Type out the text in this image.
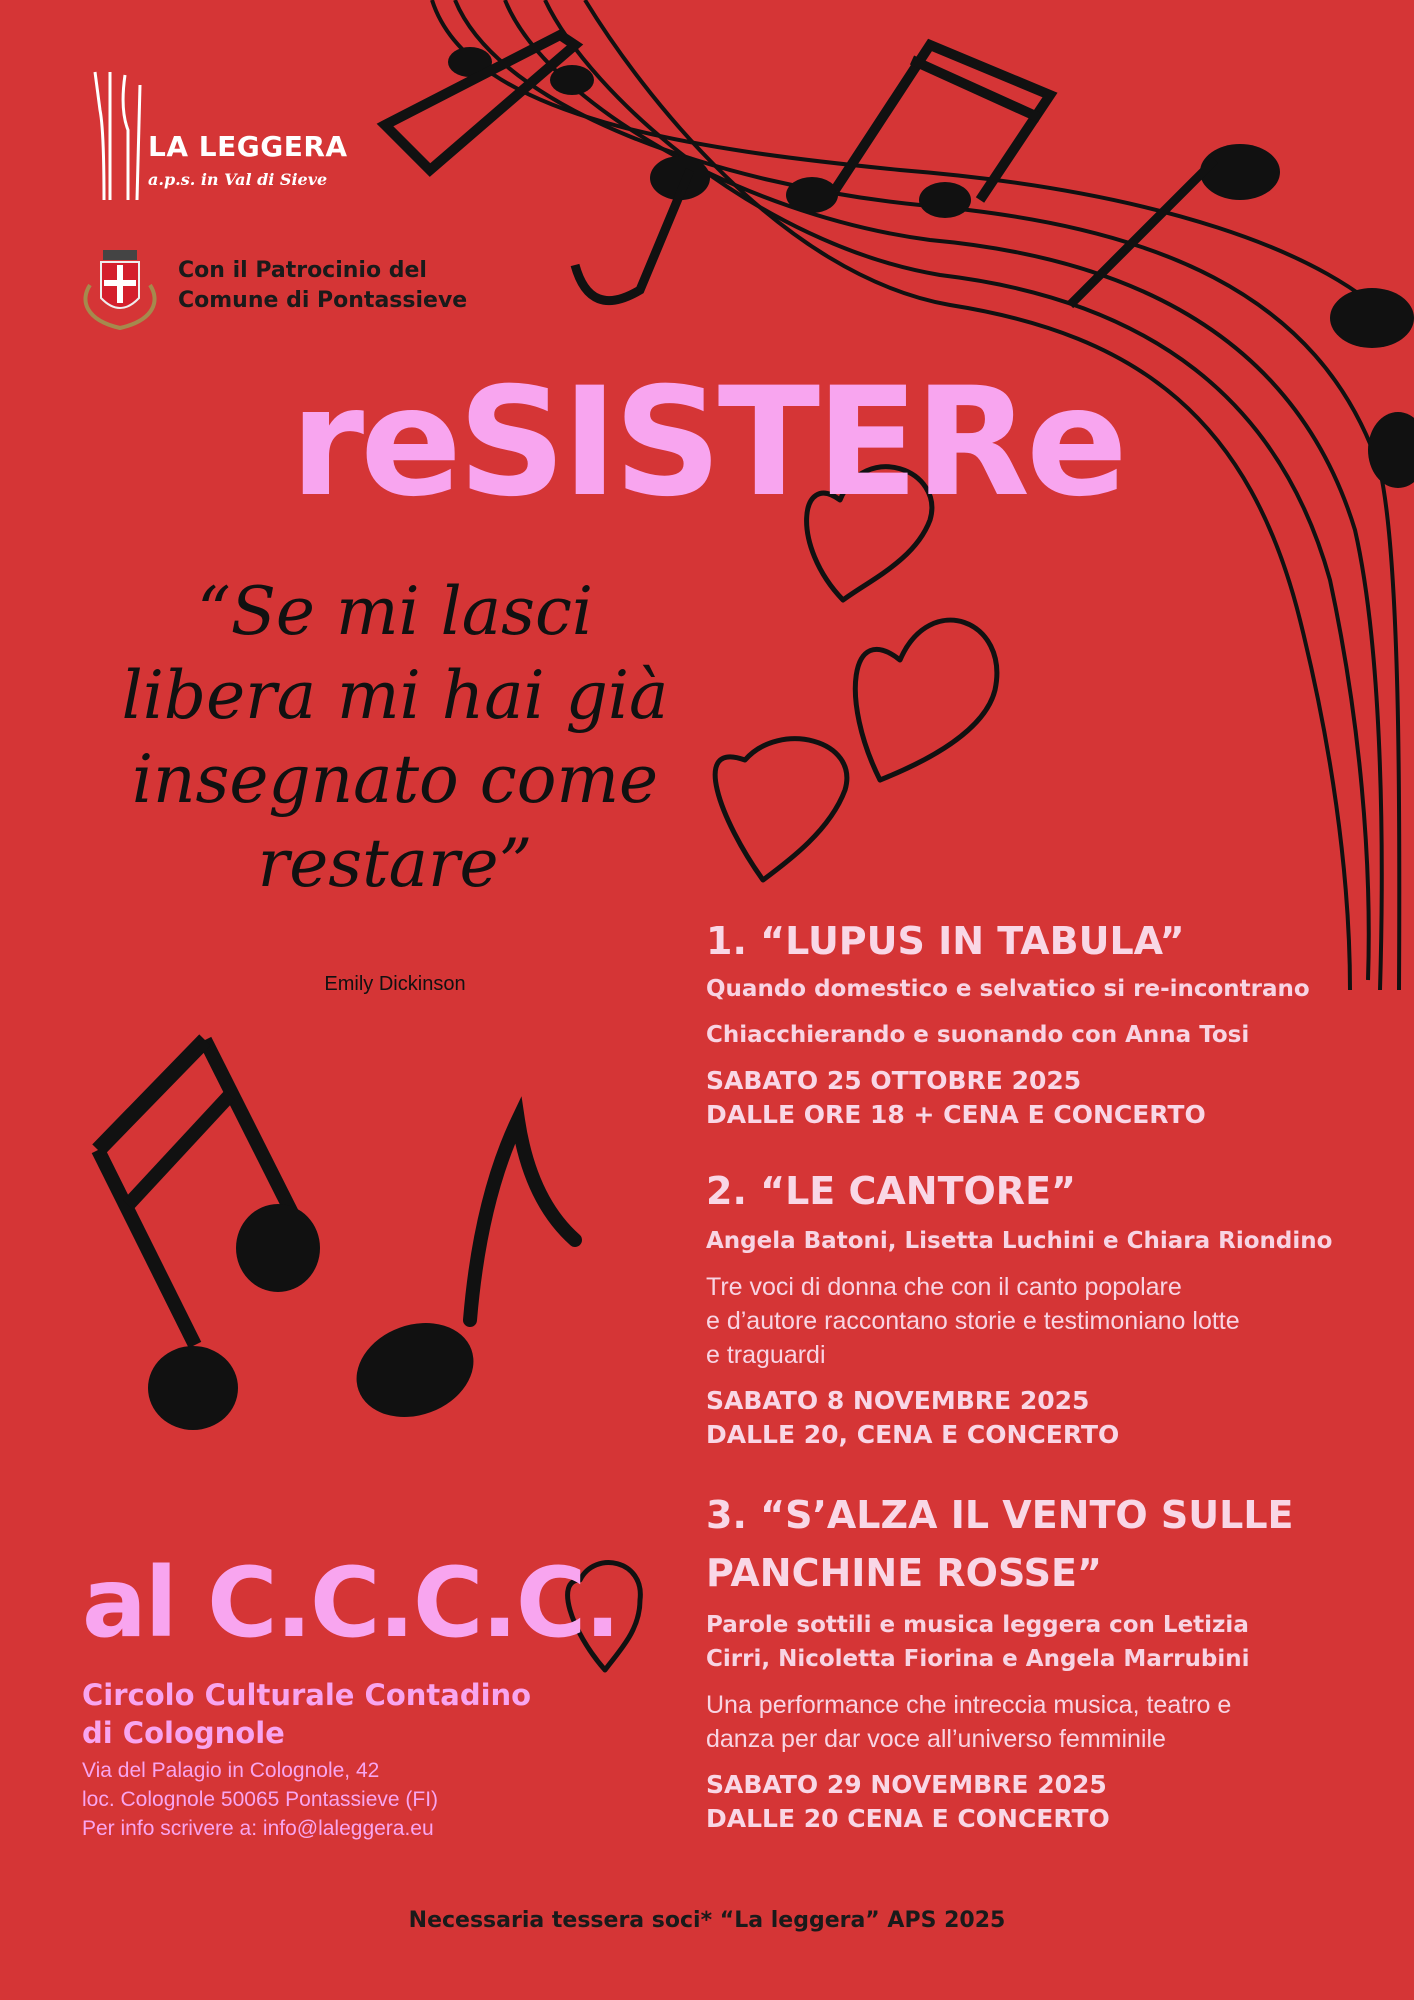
LA LEGGERA
a.p.s. in Val di Sieve
Con il Patrocinio del
Comune di Pontassieve
reSISTERe
“Se mi lasci
libera mi hai già
insegnato come
restare”
Emily Dickinson

1. “LUPUS IN TABULA”

Quando domestico e selvatico si re-incontrano

Chiacchierando e suonando con Anna Tosi

SABATO 25 OTTOBRE 2025

DALLE ORE 18 + CENA E CONCERTO

2. “LE CANTORE”

Angela Batoni, Lisetta Luchini e Chiara Riondino

Tre voci di donna che con il canto popolare

e d’autore raccontano storie e testimoniano lotte

e traguardi

SABATO 8 NOVEMBRE 2025

DALLE 20, CENA E CONCERTO

3. “S’ALZA IL VENTO SULLE

PANCHINE ROSSE”

Parole sottili e musica leggera con Letizia

Cirri, Nicoletta Fiorina e Angela Marrubini

Una performance che intreccia musica, teatro e

danza per dar voce all’universo femminile

SABATO 29 NOVEMBRE 2025

DALLE 20 CENA E CONCERTO

al C.C.C.C.
Circolo Culturale Contadino
di Colognole
Via del Palagio in Colognole, 42
loc. Colognole 50065 Pontassieve (FI)
Per info scrivere a: info@laleggera.eu
Necessaria tessera soci* “La leggera” APS 2025
